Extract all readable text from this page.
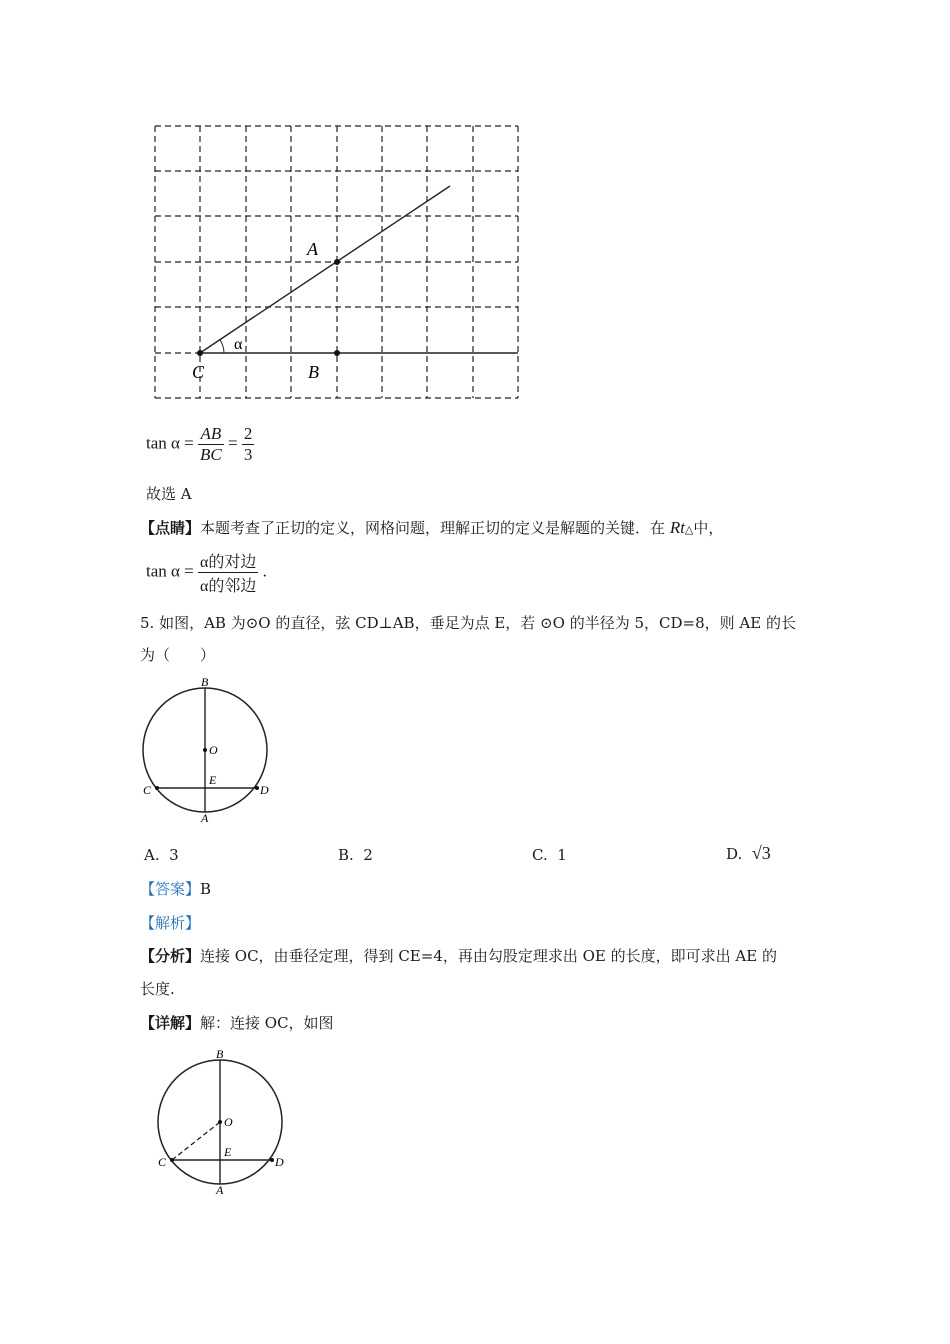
A
B
C
α
$\tan \alpha = \frac{AB}{BC} = \frac{2}{3}$
故选 A
【点睛】本题考查了正切的定义，网格问题，理解正切的定义是解题的关键．在 Rt△中，
$\tan \alpha = \frac{\text{α的对边}}{\text{α的邻边}}$ .
5. 如图，AB 为⊙O 的直径，弦 CD⊥AB，垂足为点 E，若 ⊙O 的半径为 5，CD=8，则 AE 的长
为（　　）
B
O
E
C	D
A
A. 3	B. 2	C. 1	D. √3
【答案】B
【解析】
【分析】连接 OC，由垂径定理，得到 CE=4，再由勾股定理求出 OE 的长度，即可求出 AE 的
长度.
【详解】解：连接 OC，如图
B
O
E
C	D
A
